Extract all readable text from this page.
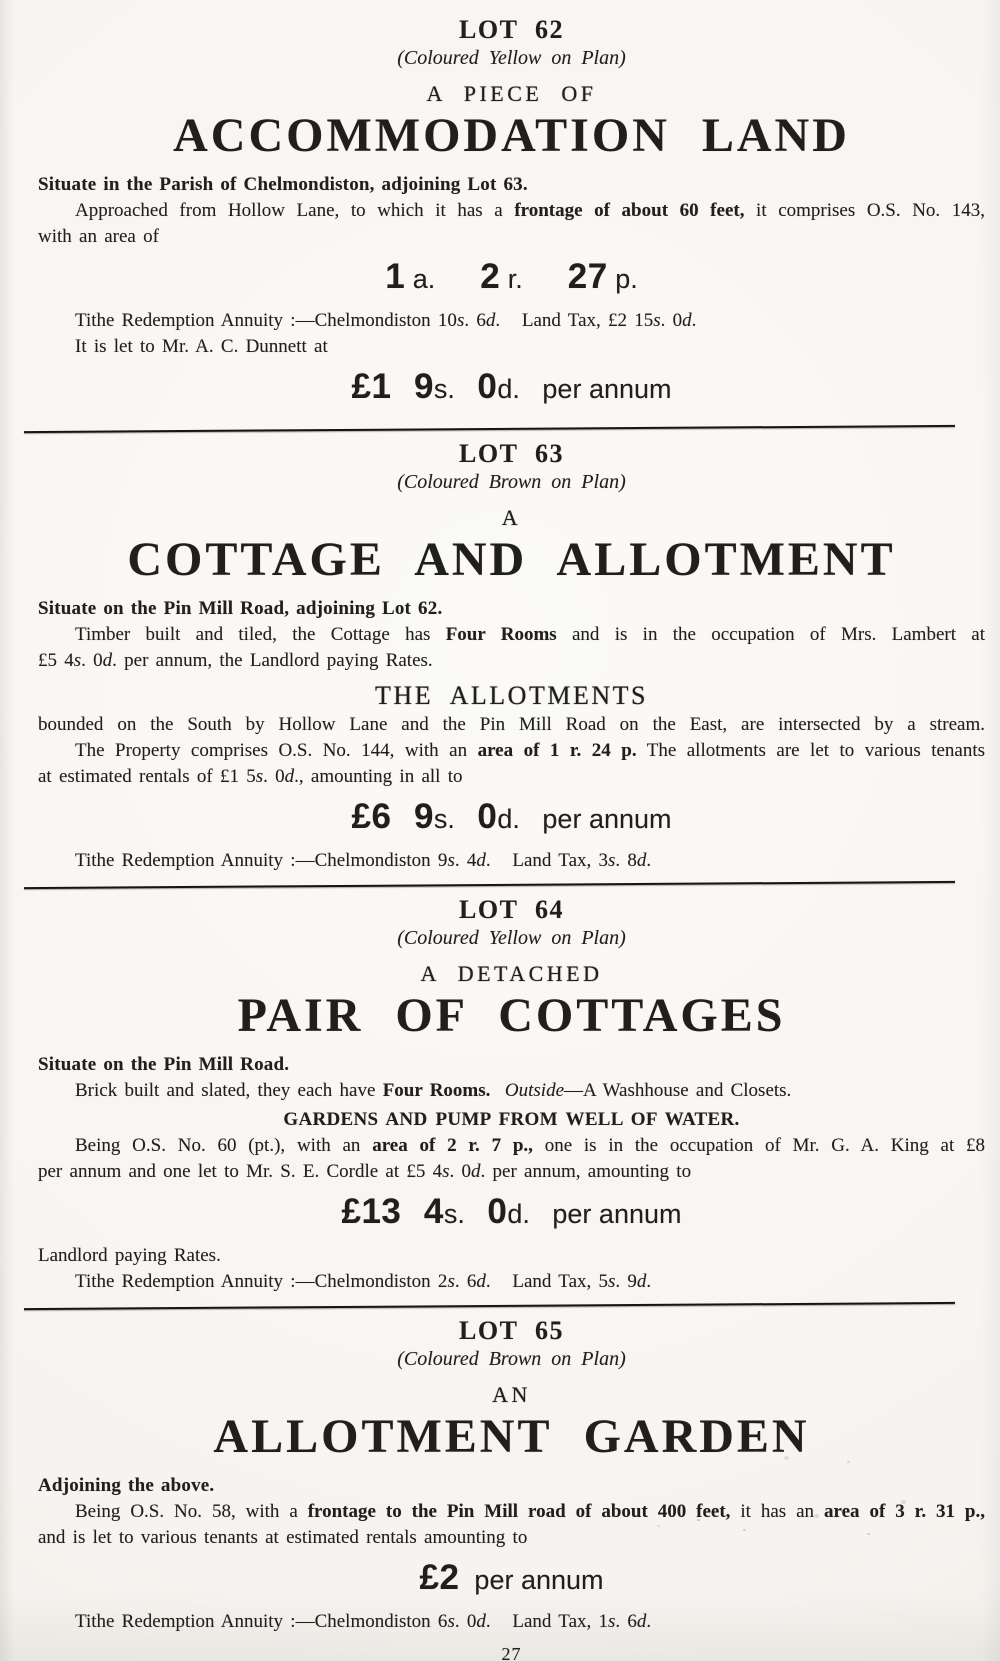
LOT 62
(Coloured Yellow on Plan)
A PIECE OF
ACCOMMODATION LAND
Situate in the Parish of Chelmondiston, adjoining Lot 63.
Approached from Hollow Lane, to which it has a frontage of about 60 feet, it comprises O.S. No. 143,
with an area of
1 a.      2 r.      27 p.
Tithe Redemption Annuity :—Chelmondiston 10s. 6d.   Land Tax, £2 15s. 0d.
It is let to Mr. A. C. Dunnett at
£1 9s.   0d.   per annum
LOT 63
(Coloured Brown on Plan)
A
COTTAGE AND ALLOTMENT
Situate on the Pin Mill Road, adjoining Lot 62.
Timber built and tiled, the Cottage has Four Rooms and is in the occupation of Mrs. Lambert at
£5 4s. 0d. per annum, the Landlord paying Rates.
THE ALLOTMENTS
bounded on the South by Hollow Lane and the Pin Mill Road on the East, are intersected by a stream.
The Property comprises O.S. No. 144, with an area of 1 r. 24 p. The allotments are let to various tenants
at estimated rentals of £1 5s. 0d., amounting in all to
£6 9s.   0d.   per annum
Tithe Redemption Annuity :—Chelmondiston 9s. 4d.   Land Tax, 3s. 8d.
LOT 64
(Coloured Yellow on Plan)
A DETACHED
PAIR OF COTTAGES
Situate on the Pin Mill Road.
Brick built and slated, they each have Four Rooms. Outside—A Washhouse and Closets.
GARDENS AND PUMP FROM WELL OF WATER.
Being O.S. No. 60 (pt.), with an area of 2 r. 7 p., one is in the occupation of Mr. G. A. King at £8
per annum and one let to Mr. S. E. Cordle at £5 4s. 0d. per annum, amounting to
£13 4s.   0d.   per annum
Landlord paying Rates.
Tithe Redemption Annuity :—Chelmondiston 2s. 6d.   Land Tax, 5s. 9d.
LOT 65
(Coloured Brown on Plan)
AN
ALLOTMENT GARDEN
Adjoining the above.
Being O.S. No. 58, with a frontage to the Pin Mill road of about 400 feet, it has an area of 3 r. 31 p.,
and is let to various tenants at estimated rentals amounting to
£2  per annum
Tithe Redemption Annuity :—Chelmondiston 6s. 0d.   Land Tax, 1s. 6d.
27
